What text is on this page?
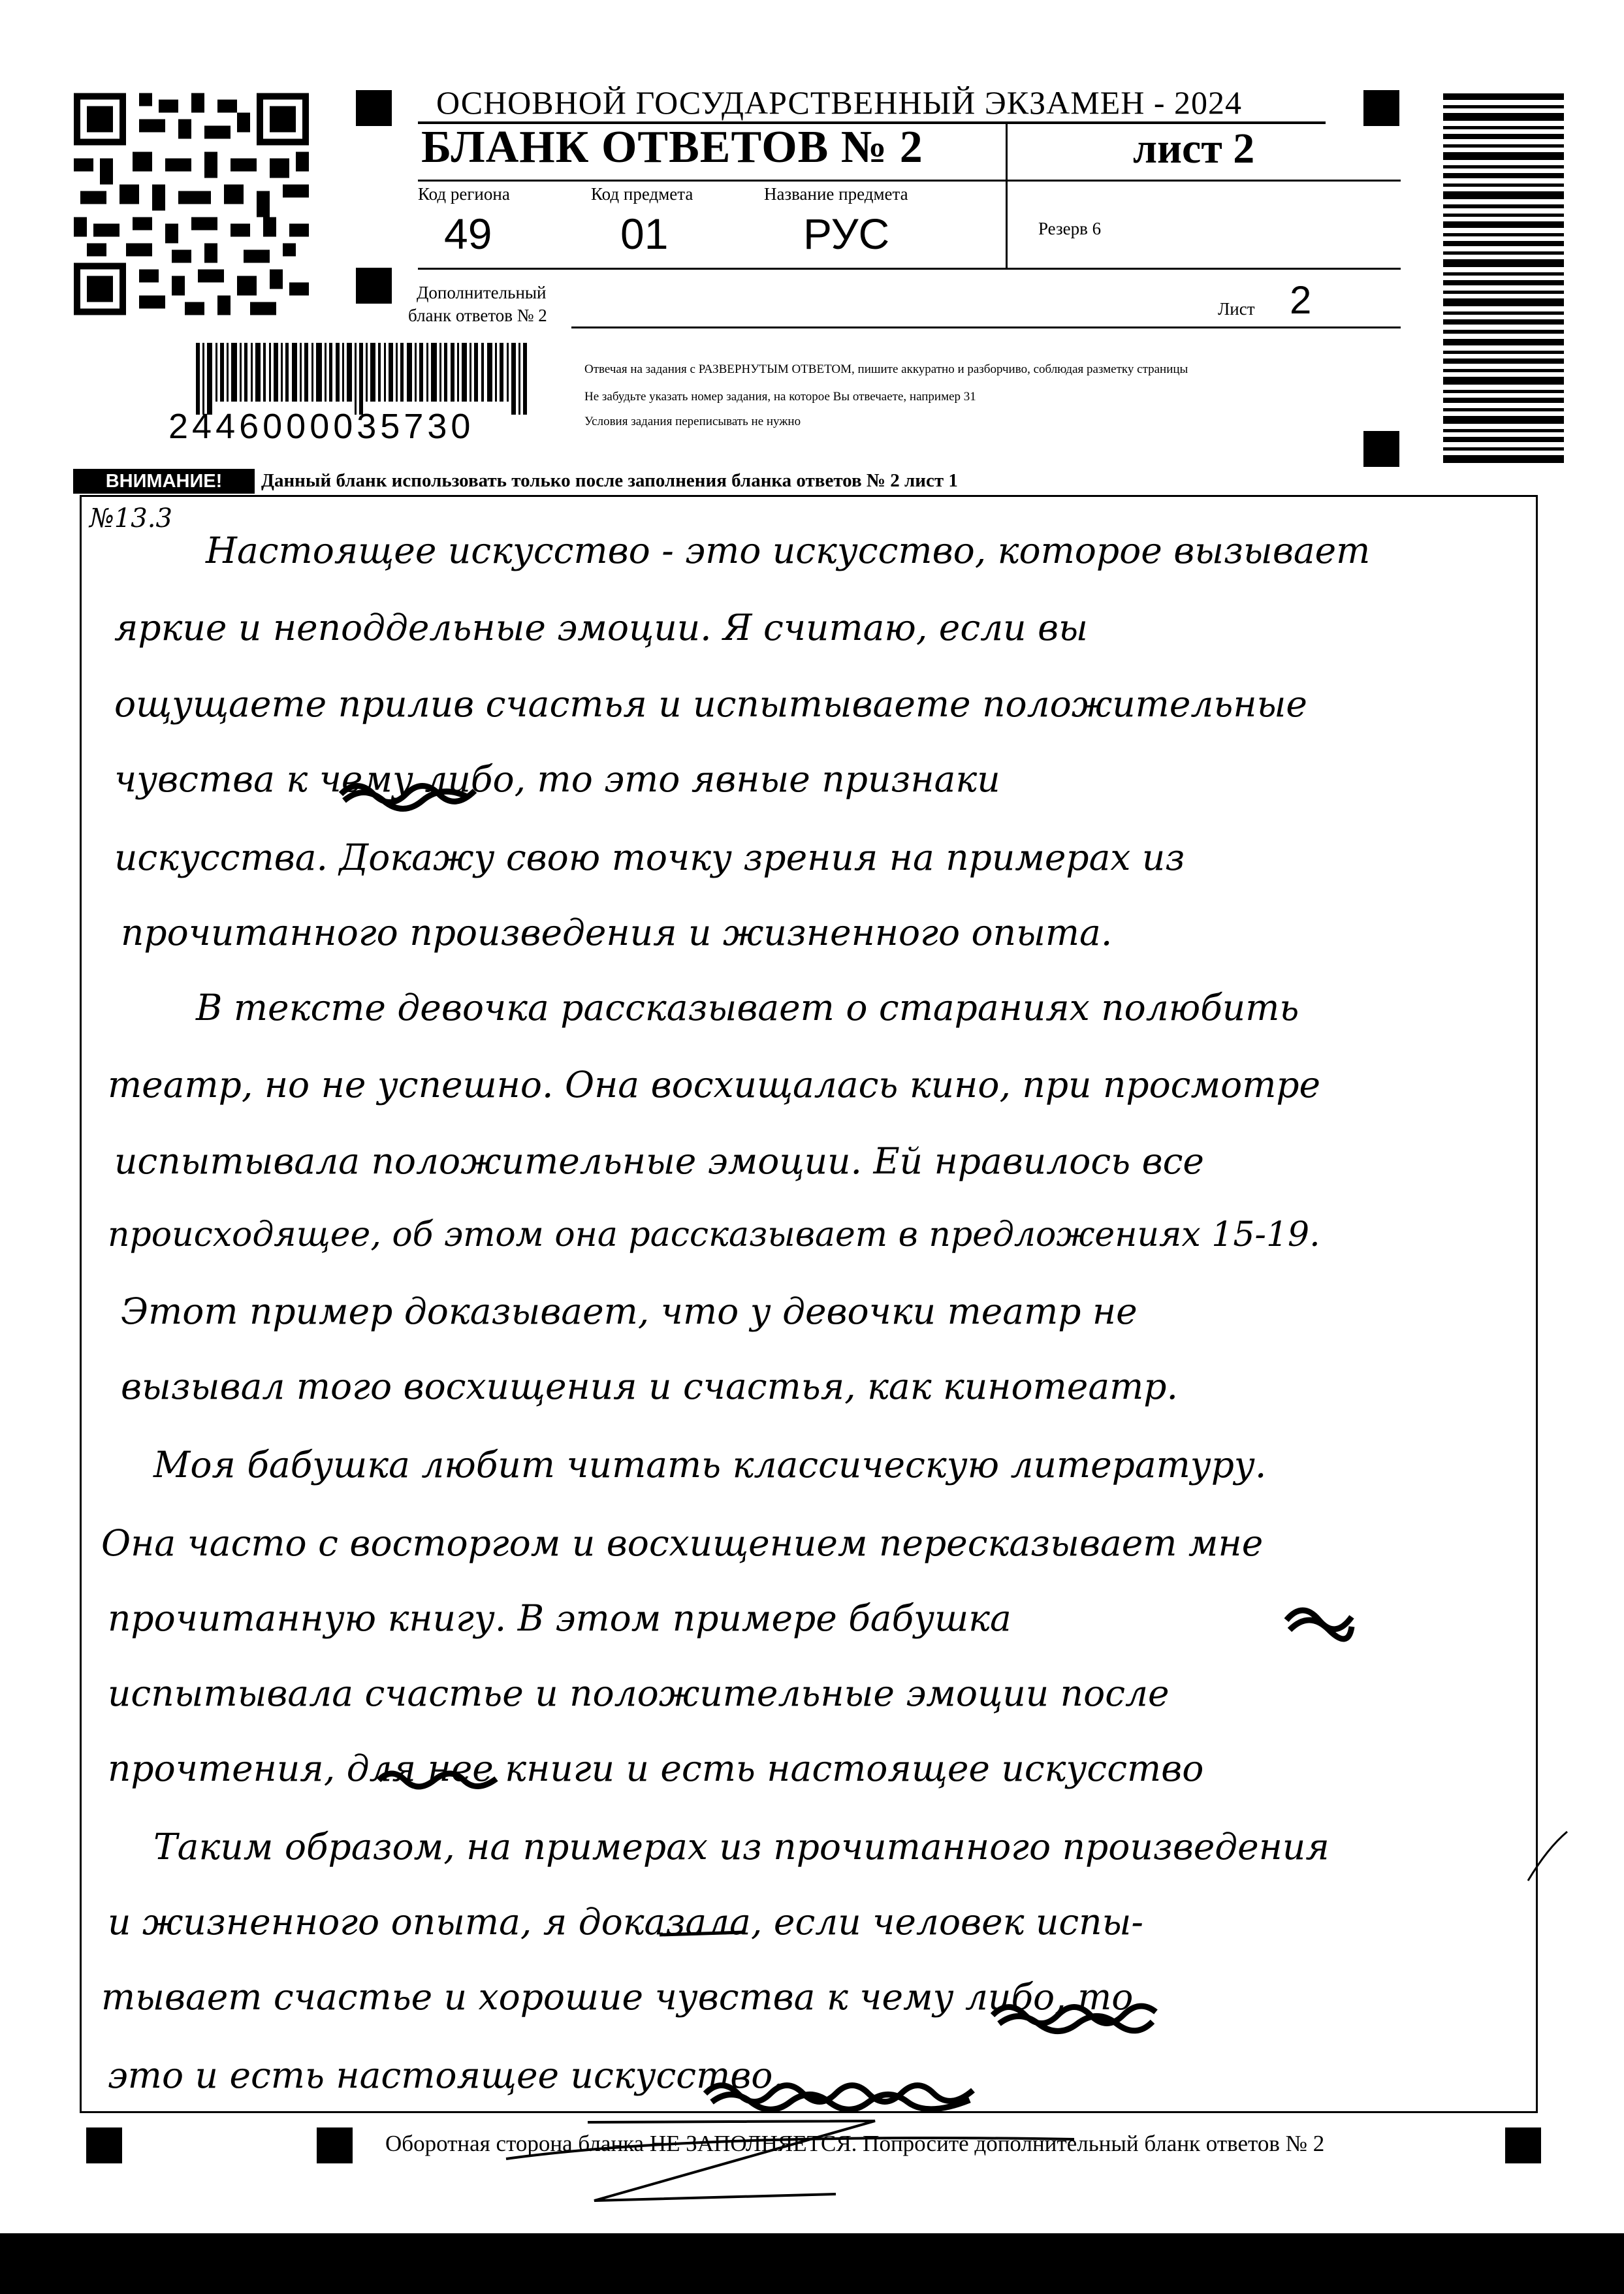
ОСНОВНОЙ ГОСУДАРСТВЕННЫЙ ЭКЗАМЕН - 2024
БЛАНК ОТВЕТОВ № 2	лист 2
Код региона
49
Код предмета
01
Название предмета
РУС	Резерв 6
Дополнительный
бланк ответов № 2	Лист 2
2446000035730
Отвечая на задания с РАЗВЕРНУТЫМ ОТВЕТОМ, пишите аккуратно и разборчиво, соблюдая разметку страницы
Не забудьте указать номер задания, на которое Вы отвечаете, например 31
Условия задания переписывать не нужно
ВНИМАНИЕ!	Данный бланк использовать только после заполнения бланка ответов № 2 лист 1
№13.3
Настоящее искусство - это искусство, которое вызывает
яркие и неподдельные эмоции. Я считаю, если вы
ощущаете прилив счастья и испытываете положительные
чувства к чему либо, то это явные признаки
искусства. Докажу свою точку зрения на примерах из
прочитанного произведения и жизненного опыта.
В тексте девочка рассказывает о стараниях полюбить
театр, но не успешно. Она восхищалась кино, при просмотре
испытывала положительные эмоции. Ей нравилось все
происходящее, об этом она рассказывает в предложениях 15-19.
Этот пример доказывает, что у девочки театр не
вызывал того восхищения и счастья, как кинотеатр.
Моя бабушка любит читать классическую литературу.
Она часто с восторгом и восхищением пересказывает мне
прочитанную книгу. В этом примере бабушка
испытывала счастье и положительные эмоции после
прочтения, для нее книги и есть настоящее искусство
Таким образом, на примерах из прочитанного произведения
и жизненного опыта, я доказала, если человек испы-
тывает счастье и хорошие чувства к чему либо, то
это и есть настоящее искусство.
Оборотная сторона бланка НЕ ЗАПОЛНЯЕТСЯ. Попросите дополнительный бланк ответов № 2
